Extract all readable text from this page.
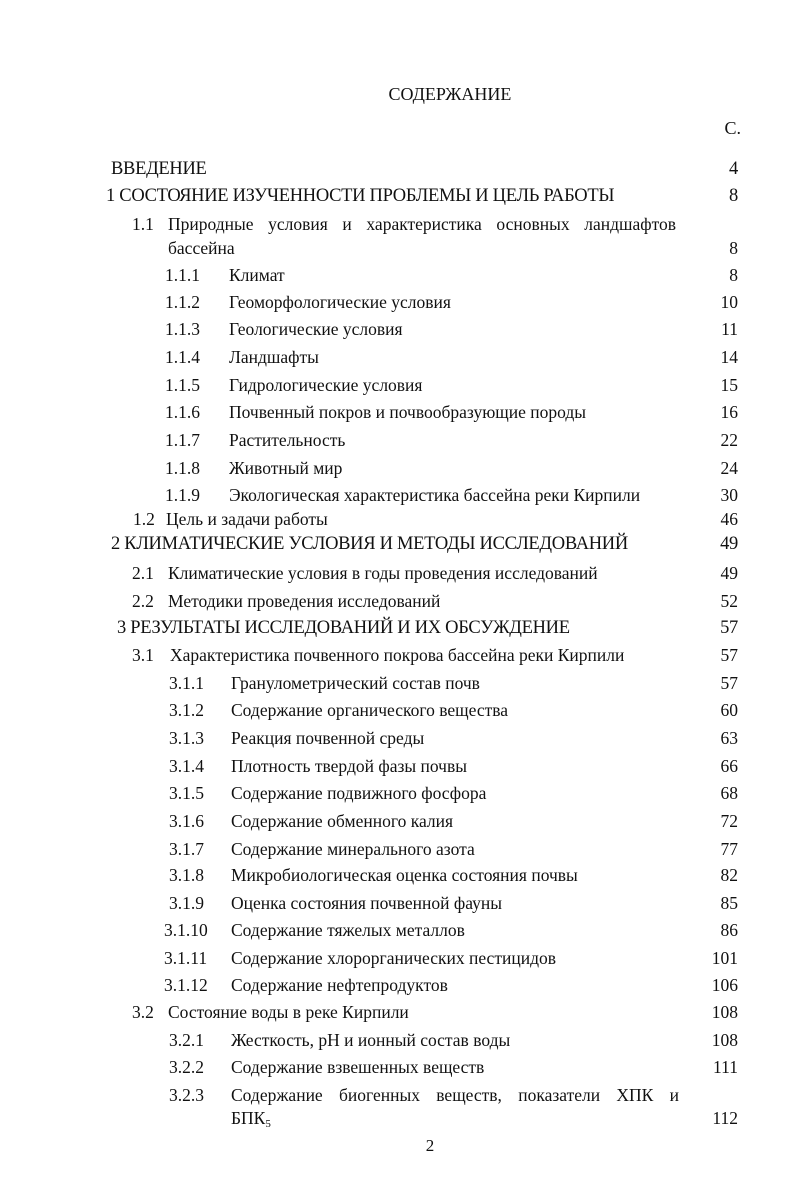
СОДЕРЖАНИЕ
С.
ВВЕДЕНИЕ	4
1 СОСТОЯНИЕ ИЗУЧЕННОСТИ ПРОБЛЕМЫ И ЦЕЛЬ РАБОТЫ	8
1.1 Природные условия и характеристика основных ландшафтов
бассейна	8
1.1.1 Климат	8
1.1.2 Геоморфологические условия	10
1.1.3 Геологические условия	11
1.1.4 Ландшафты	14
1.1.5 Гидрологические условия	15
1.1.6 Почвенный покров и почвообразующие породы	16
1.1.7 Растительность	22
1.1.8 Животный мир	24
1.1.9 Экологическая характеристика бассейна реки Кирпили	30
1.2 Цель и задачи работы	46
2 КЛИМАТИЧЕСКИЕ УСЛОВИЯ И МЕТОДЫ ИССЛЕДОВАНИЙ	49
2.1 Климатические условия в годы проведения исследований	49
2.2 Методики проведения исследований	52
3 РЕЗУЛЬТАТЫ ИССЛЕДОВАНИЙ И ИХ ОБСУЖДЕНИЕ	57
3.1 Характеристика почвенного покрова бассейна реки Кирпили	57
3.1.1 Гранулометрический состав почв	57
3.1.2 Содержание органического вещества	60
3.1.3 Реакция почвенной среды	63
3.1.4 Плотность твердой фазы почвы	66
3.1.5 Содержание подвижного фосфора	68
3.1.6 Содержание обменного калия	72
3.1.7 Содержание минерального азота	77
3.1.8 Микробиологическая оценка состояния почвы	82
3.1.9 Оценка состояния почвенной фауны	85
3.1.10 Содержание тяжелых металлов	86
3.1.11 Содержание хлорорганических пестицидов	101
3.1.12 Содержание нефтепродуктов	106
3.2 Состояние воды в реке Кирпили	108
3.2.1 Жесткость, рН и ионный состав воды	108
3.2.2 Содержание взвешенных веществ	111
3.2.3 Содержание биогенных веществ, показатели ХПК и
$БПК_5$	112
2
